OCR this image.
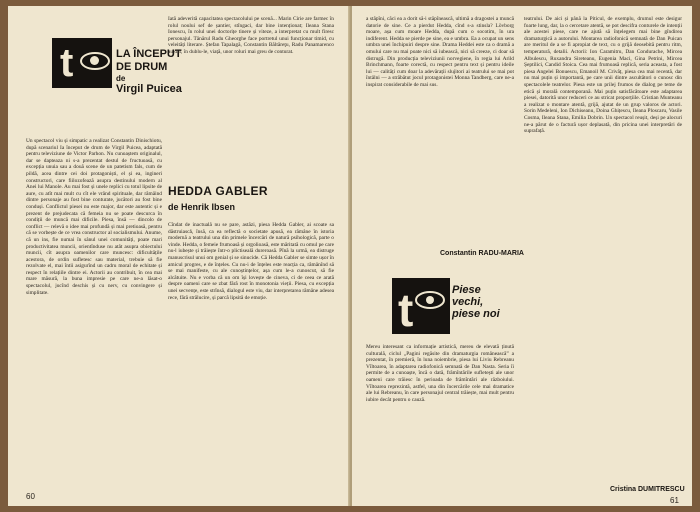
t	LA ÎNCEPUT
DE DRUM
de
Virgil Puicea
Un spectacol viu și simpatic a realizat Constantin Dinischiotu, după scenariul Ia început de drum de Virgil Puicea, adaptată pentru televiziune de Victor Parhon. Nu cunoaștem originalul, dar se dapteaza ni s-a prezentat destul de fructuoasă, cu excepția unuia sau a două scene de un patetism fals, cum de pildă, acea dintre cei doi protagoniști, el și ea, ingineri constructori, care fiilozofează asupra destinului modern al Anei lui Manole. Au mai fost și unele replici cu totul lipsite de aure, cu atît mai mult cu cît ele vrând spirituale, dar rămâind dintre personaje au fost bine conturate, jucători au fost bine conduși. Conflictul piesei nu este major, dar este autentic și e prezent de prejudecata că femeia nu se poate descurca în condiții de muncă mai dificile. Piesa, însă — dincolo de conflict — relevă o idee mai profundă și mai pretioasă, pentru că se vorbește de ce vrea constructor al socialismului. Anume, că un ins, fie numai în sânul unei comunități, poate mari productivitatea muncii, orientînduse nu atât asupra obiectului muncii, cît asupra oamenilor care muncesc: dificultățile acestora, de ordin sufletesc sau material, trebuie să fie rezolvate el, mai întii asigurînd un cadru moral de echitate și respect în relațiile dintre ei. Actorii au contribuit, în cea mai mare măsură, la buna impresie pe care ne-a lăsat-o spectacolul, jucînd deschis și cu nerv, cu convingere și simplitate.
Iată adeverită capacitatea spectacolului pe scenă... Marin Cirie are farmec în rolul noului sef de șantier, stîngaci, dar bine intenționat; Ileana Stana Ionescu, în rolul unei doctorițe tinere și viteze, a interpretat cu mult firesc personajul. Tânărul Radu Gheorghe face portretul unui funcționar timid, cu veleități literare. Ștefan Tapalagă, Constantin Băltăreţu, Radu Panamarenco au dat, în dublu-le, viață, unor roluri mai greu de conturat.
HEDDA GABLER
de Henrik Ibsen
Cîndat de inactualâ nu se pare, astăzi, piesa Hedda Gabler, ai scoate sa dăstruiascå, însă, ca ea reflectă o societate apusă, ea rămâne în istoria modernă a teatrului una din primele încercări de natură psihologică, parte o vinde. Hedda, o femeie frumoasă și orgolioasă, este măritată cu omul pe care nu-l iubește și trăiește într-o plictiseală dureroasă. Pînă la urmă, ea distruge manuscrisul unui om genial și se sinucide. Că Hedda Gabler se simte ușor în amicul progres, e de înțeles. Cu nu-i de înțeles este reacția ca, rămânînd să se mai manifeste, cu ale cunoștințelor, așa cum le-a cunoscut, să fie alcătuite. Nu e vorba că un om își lovește de cineva, ci de ceea ce arată despre oameni care se zbat fără rost în monotonia vieții. Piesa, cu excepția unei secvențe, este strînsă, dialogul este viu, dar interpretarea rămâne adesea rece, fără strălucire, și parcă lipsită de emoție.
60
a stăpîni, căci ea a dorit să-i stăpînească, ultimă a dragostei a muncă datorie de sine. Ce a pierdut Hedda, cînd s-a stinsla? Lövborg moare, așa cum moare Hedda, după cum o socotim, în ura indiferent. Hedda se pierde pe sine, ea e umbra. Ea a ocupat un sens umbra unei închipuiri despre sine. Drama Heddei este ca o dramă a omului care nu mai poate nici să iubească, nici să creeze, ci doar să distrugă. Din producția televiziunii norvegiene, în regia lui Arild Brinchmann, foarte corectă, cu respect pentru text și pentru ideile lui — calități cum doar la adevărații slujitori ai teatrului se mai pot întâlni — a străbătut jocul protagonistei Monna Tandberg, care ne-a inspirat considerabile de mai sus.
Constantin RADU-MARIA
t	Piese vechi, piese noi
Mereu interesant ca informație artistică, mereu de elevată ținută culturală, ciclul „Pagini regăsite din dramaturgia românească” a prezentat, în premieră, în luna noiembrie, piesa lui Liviu Rebreanu Vîltoarea, în adaptarea radiofonică semnată de Dan Nasta. Seria îi permite de a cunoaște, încă o dată, frămîntările sufletești ale unor oameni care trăiesc în perioada de frămîntări ale războiului. Vîltoarea reprezintă, astfel, una din încercările cele mai dramatice ale lui Rebreanu, în care personajul central trăiește, mai mult pentru iubire decât pentru o cauză.
teatrului. De aici și până la Piticul, de exemplu, drumul este desigur foarte lung, dar, la o cercetare atentă, se pot descifra conturele de intenții ale acestei piese, care ne ajută să înțelegem mai bine gîndirea dramaturgică a autorului. Montarea radiofonică semnată de Dan Puican are meritul de a se fi apropiat de text, cu o grijă deosebită pentru ritm, temperatură, detalii. Actorii: Ion Caramitru, Dan Condurache, Mircea Albulescu, Ruxandra Sireteanu, Eugenia Maci, Gina Petrini, Mircea Șeptilici, Candid Stoica. Cea mai frumoasă replică, seria aceasta, a fost piesa Angelei Bonuescu, Emanoil M. Crivăț, piesa cea mai recentă, dar nu mai puțin și importantă, pe care unii dintre ascultători o cunosc din spectacolele teatrelor. Piesa este un prilej frumos de dialog pe teme de etică și morală contemporană. Mai puțin satisfăcătoare este adaptarea piesei, datorită unor reduceri ce au stricat proporțiile. Cristian Munteanu a realizat o montare atentă, grijă, ajutat de un grup valoros de actori. Sorin Medeleni, Ion Dichiseanu, Doina Ghițescu, Ileana Ploscaru, Vasile Cosma, Ileana Stana, Emilia Dobrin. Un spectacol reușit, deși pe alocuri ne-a părut de o factură ușor deplasată, din pricina unei interpretări de suprafață.
Cristina DUMITRESCU
61
